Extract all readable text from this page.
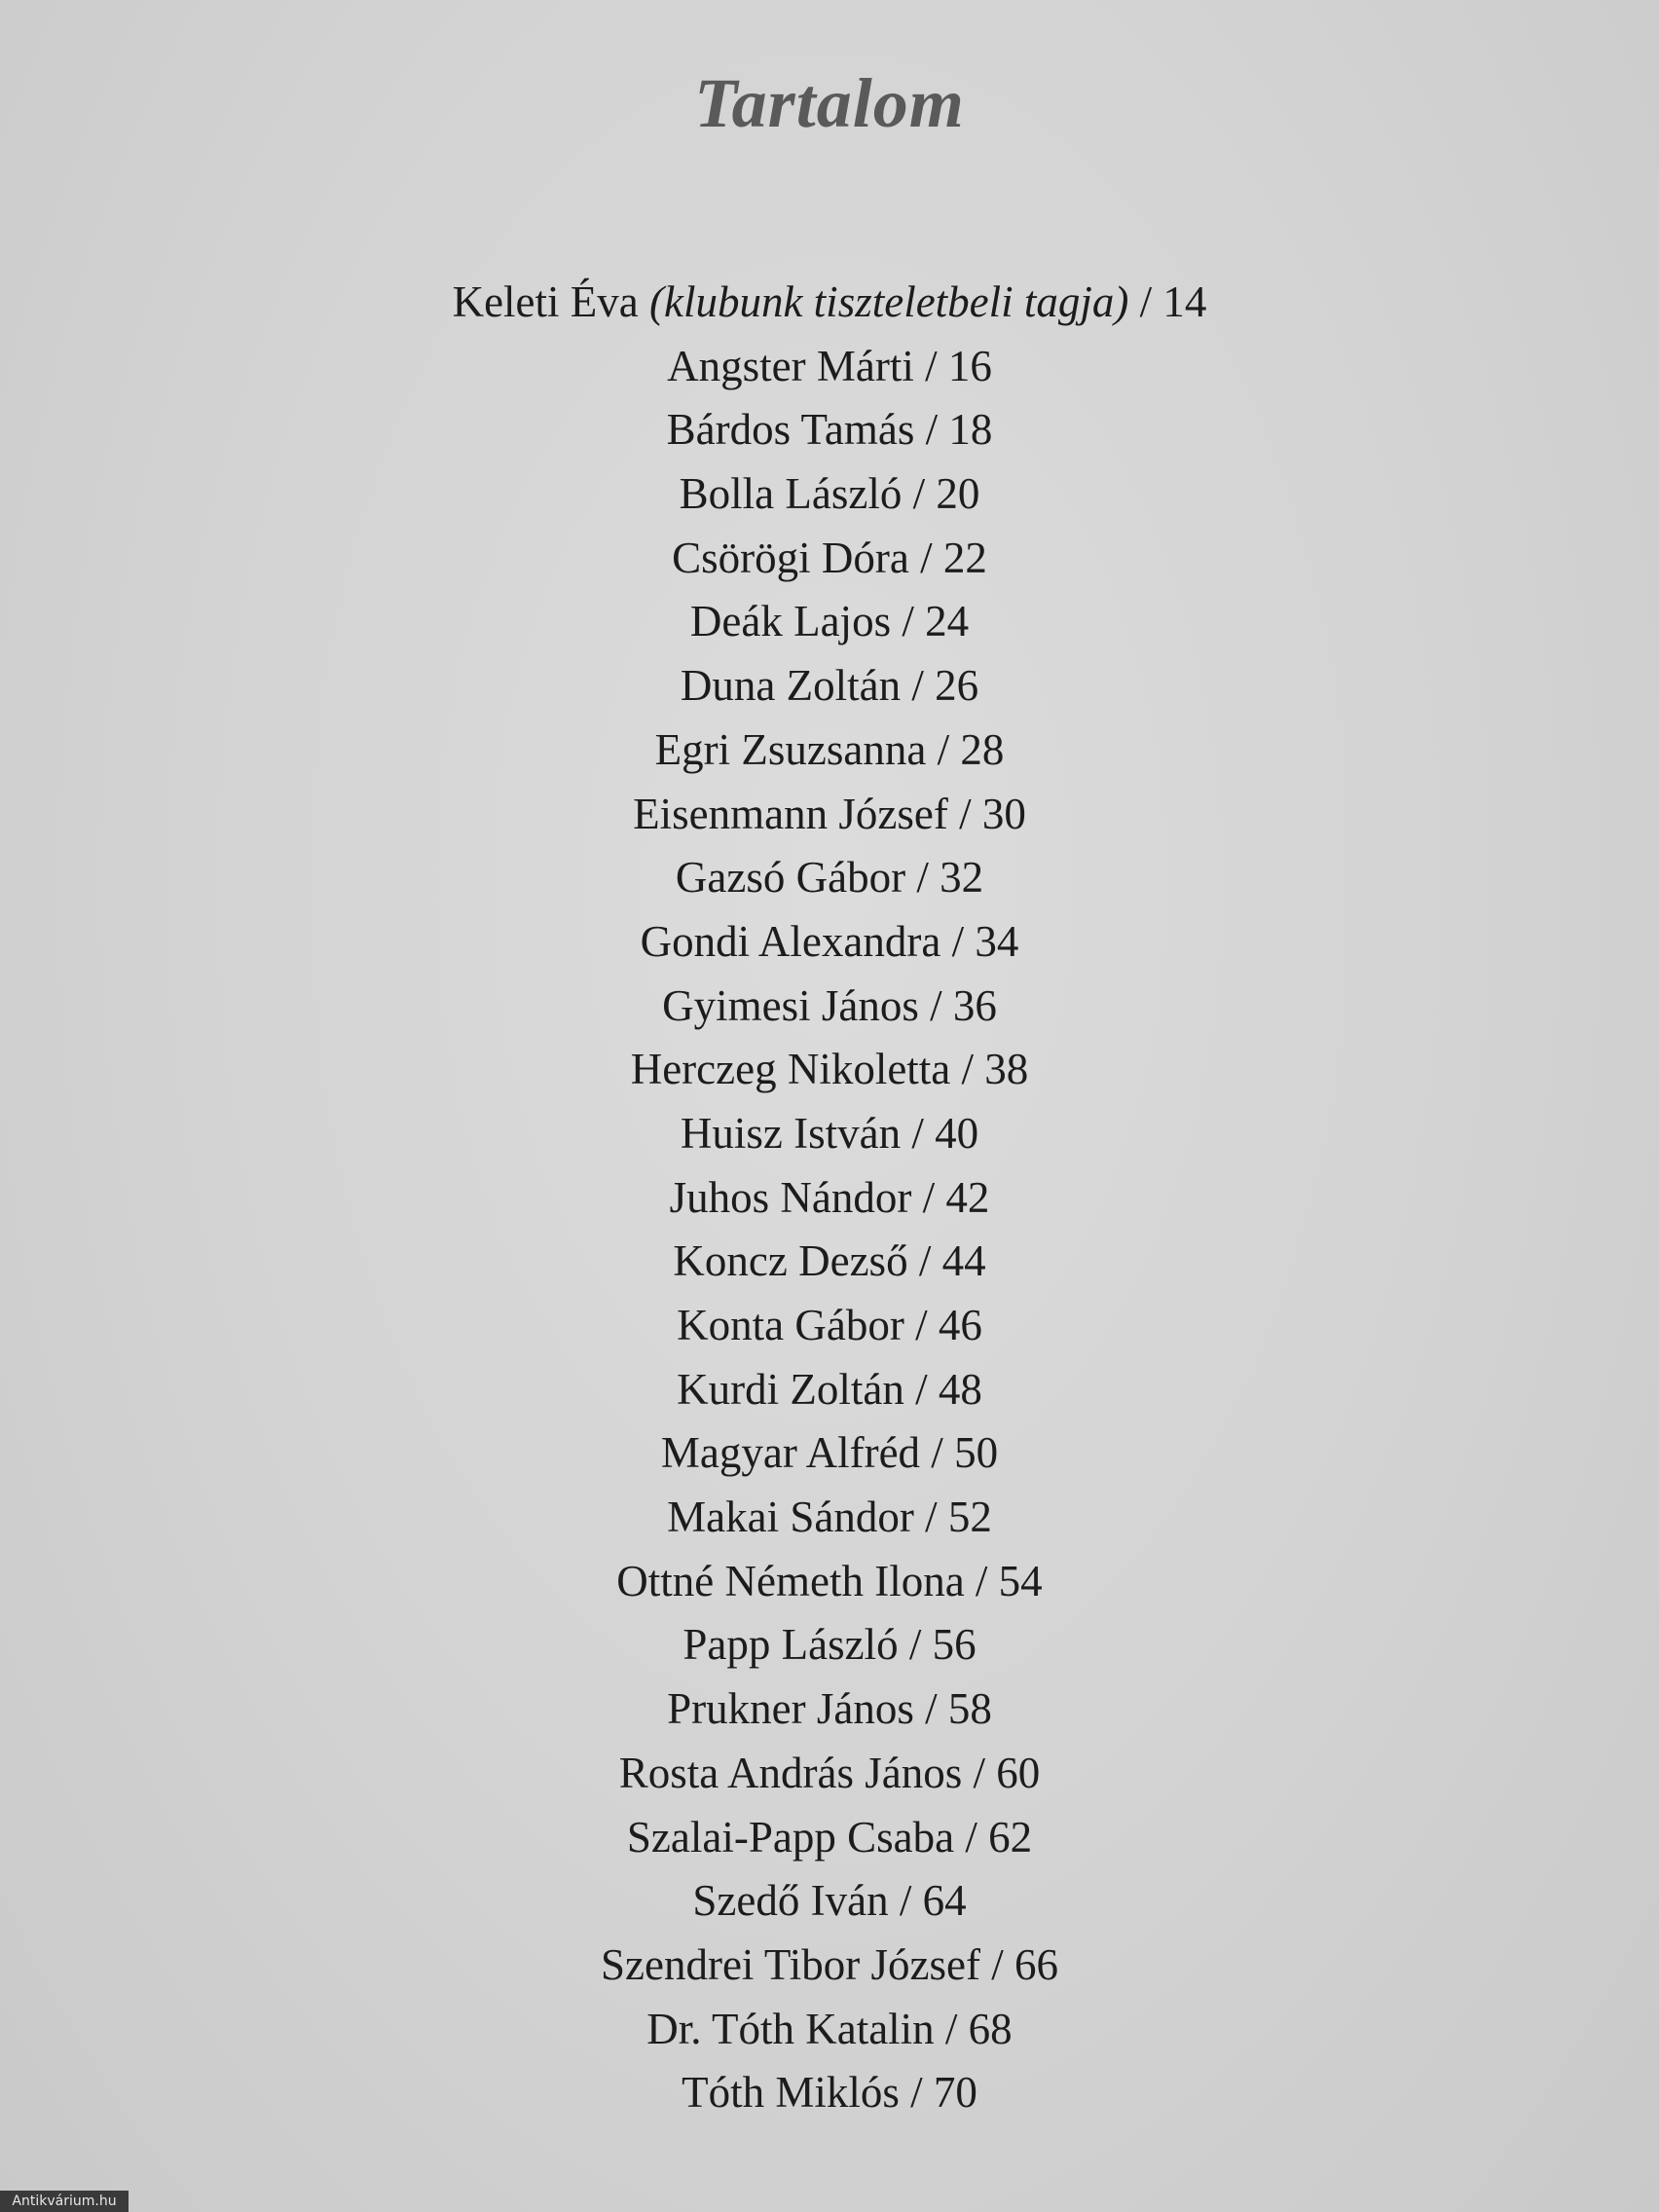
Tartalom
Keleti Éva (klubunk tiszteletbeli tagja) / 14
Angster Márti / 16
Bárdos Tamás / 18
Bolla László / 20
Csörögi Dóra / 22
Deák Lajos / 24
Duna Zoltán / 26
Egri Zsuzsanna / 28
Eisenmann József / 30
Gazsó Gábor / 32
Gondi Alexandra / 34
Gyimesi János / 36
Herczeg Nikoletta / 38
Huisz István / 40
Juhos Nándor / 42
Koncz Dezső / 44
Konta Gábor / 46
Kurdi Zoltán / 48
Magyar Alfréd / 50
Makai Sándor / 52
Ottné Németh Ilona / 54
Papp László / 56
Prukner János / 58
Rosta András János / 60
Szalai-Papp Csaba / 62
Szedő Iván / 64
Szendrei Tibor József / 66
Dr. Tóth Katalin / 68
Tóth Miklós / 70
Antikvárium.hu
